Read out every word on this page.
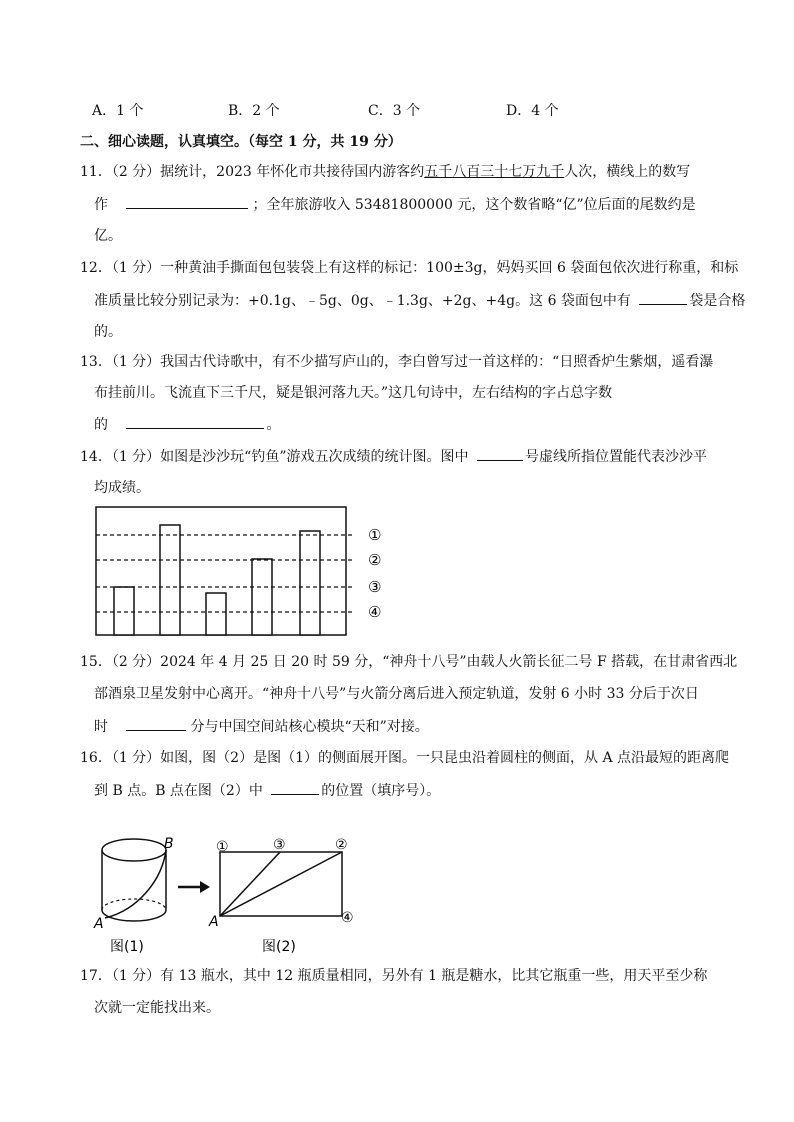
A．1 个	B．2 个	C．3 个	D．4 个
二、细心读题，认真填空。（每空 1 分，共 19 分）
11．（2 分）据统计，2023 年怀化市共接待国内游客约五千八百三十七万九千人次，横线上的数写
作	；全年旅游收入 53481800000 元，这个数省略“亿”位后面的尾数约是
亿。
12．（1 分）一种黄油手撕面包包装袋上有这样的标记：100±3g，妈妈买回 6 袋面包依次进行称重，和标
准质量比较分别记录为：+0.1g、﹣5g、0g、﹣1.3g、+2g、+4g。这 6 袋面包中有	袋是合格
的。
13．（1 分）我国古代诗歌中，有不少描写庐山的，李白曾写过一首这样的：“日照香炉生紫烟，遥看瀑
布挂前川。飞流直下三千尺，疑是银河落九天。”这几句诗中，左右结构的字占总字数
的	。
14．（1 分）如图是沙沙玩“钓鱼”游戏五次成绩的统计图。图中	号虚线所指位置能代表沙沙平
均成绩。
①
②
③
④
15．（2 分）2024 年 4 月 25 日 20 时 59 分，“神舟十八号”由载人火箭长征二号 F 搭载，在甘肃省西北
部酒泉卫星发射中心离开。“神舟十八号”与火箭分离后进入预定轨道，发射 6 小时 33 分后于次日
时	分与中国空间站核心模块“天和”对接。
16．（1 分）如图，图（2）是图（1）的侧面展开图。一只昆虫沿着圆柱的侧面，从 A 点沿最短的距离爬
到 B 点。B 点在图（2）中	的位置（填序号）。
A
B
图(1)
①	③	②
④
A
图(2)
17．（1 分）有 13 瓶水，其中 12 瓶质量相同，另外有 1 瓶是糖水，比其它瓶重一些，用天平至少称
次就一定能找出来。
